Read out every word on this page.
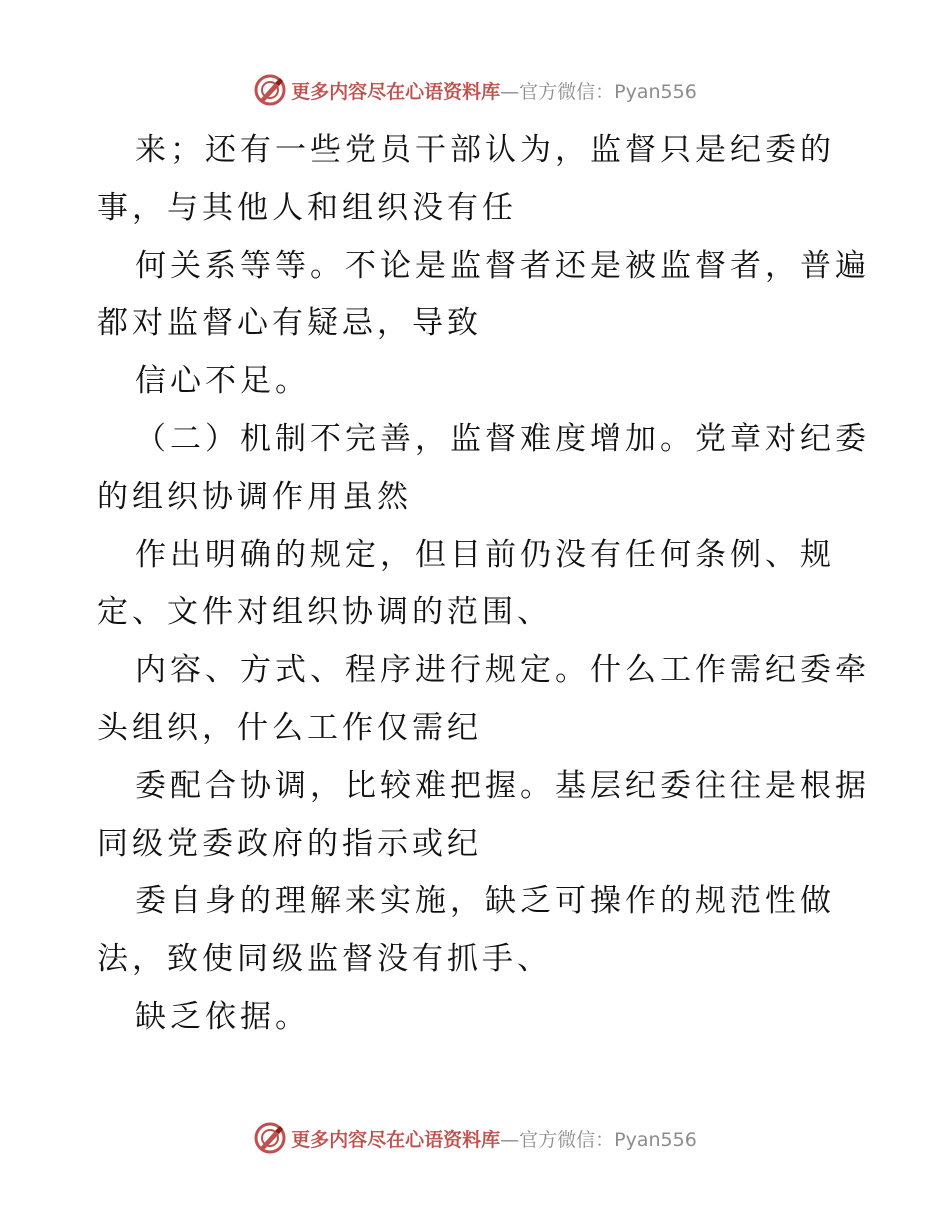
更多内容尽在心语资料库 —官方微信：Pyan556
来；还有一些党员干部认为，监督只是纪委的
事，与其他人和组织没有任
何关系等等。不论是监督者还是被监督者，普遍
都对监督心有疑忌，导致
信心不足。
（二）机制不完善，监督难度增加。党章对纪委
的组织协调作用虽然
作出明确的规定，但目前仍没有任何条例、规
定、文件对组织协调的范围、
内容、方式、程序进行规定。什么工作需纪委牵
头组织，什么工作仅需纪
委配合协调，比较难把握。基层纪委往往是根据
同级党委政府的指示或纪
委自身的理解来实施，缺乏可操作的规范性做
法，致使同级监督没有抓手、
缺乏依据。
更多内容尽在心语资料库 —官方微信：Pyan556
